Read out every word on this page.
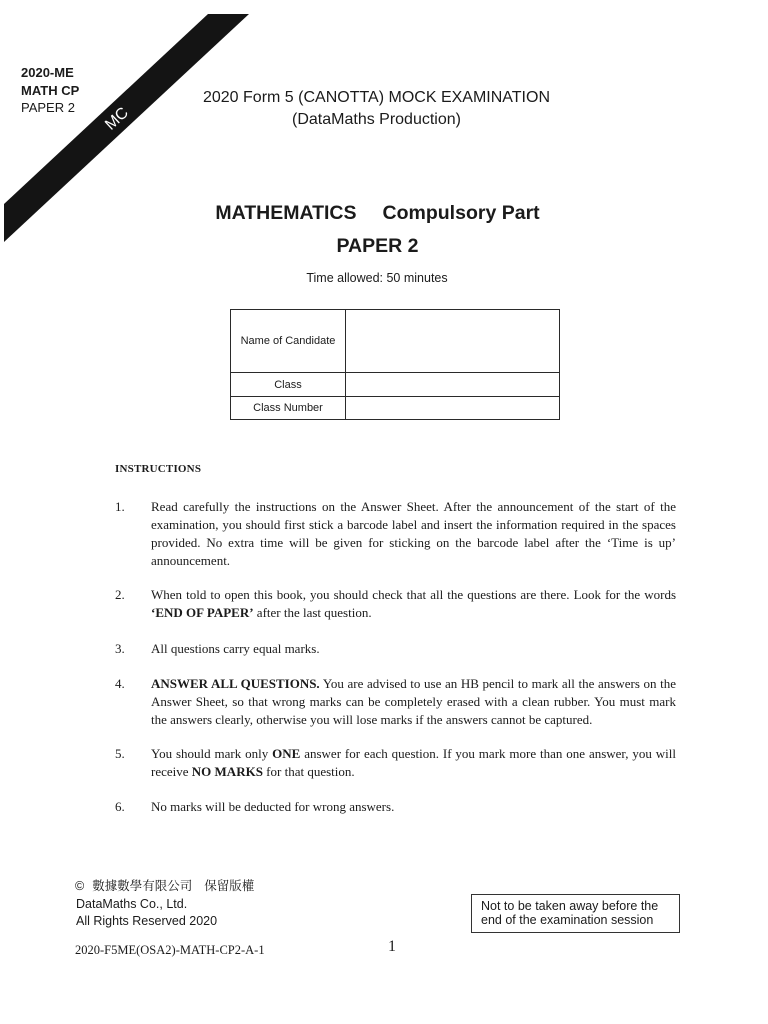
MC
2020-ME
MATH CP
PAPER 2
2020 Form 5 (CANOTTA) MOCK EXAMINATION
(DataMaths Production)
MATHEMATICS Compulsory Part
PAPER 2
Time allowed: 50 minutes
Name of Candidate
Class
Class Number
INSTRUCTIONS
1. Read carefully the instructions on the Answer Sheet. After the announcement of the start of the examination, you should first stick a barcode label and insert the information required in the spaces provided. No extra time will be given for sticking on the barcode label after the ‘Time is up’ announcement.

2. When told to open this book, you should check that all the questions are there. Look for the words ‘END OF PAPER’ after the last question.

3. All questions carry equal marks.

4. ANSWER ALL QUESTIONS. You are advised to use an HB pencil to mark all the answers on the Answer Sheet, so that wrong marks can be completely erased with a clean rubber. You must mark the answers clearly, otherwise you will lose marks if the answers cannot be captured.

5. You should mark only ONE answer for each question. If you mark more than one answer, you will receive NO MARKS for that question.

6. No marks will be deducted for wrong answers.

© 數據數學有限公司 保留版權
DataMaths Co., Ltd.
All Rights Reserved 2020
Not to be taken away before the
end of the examination session
2020-F5ME(OSA2)-MATH-CP2-A-1	1
